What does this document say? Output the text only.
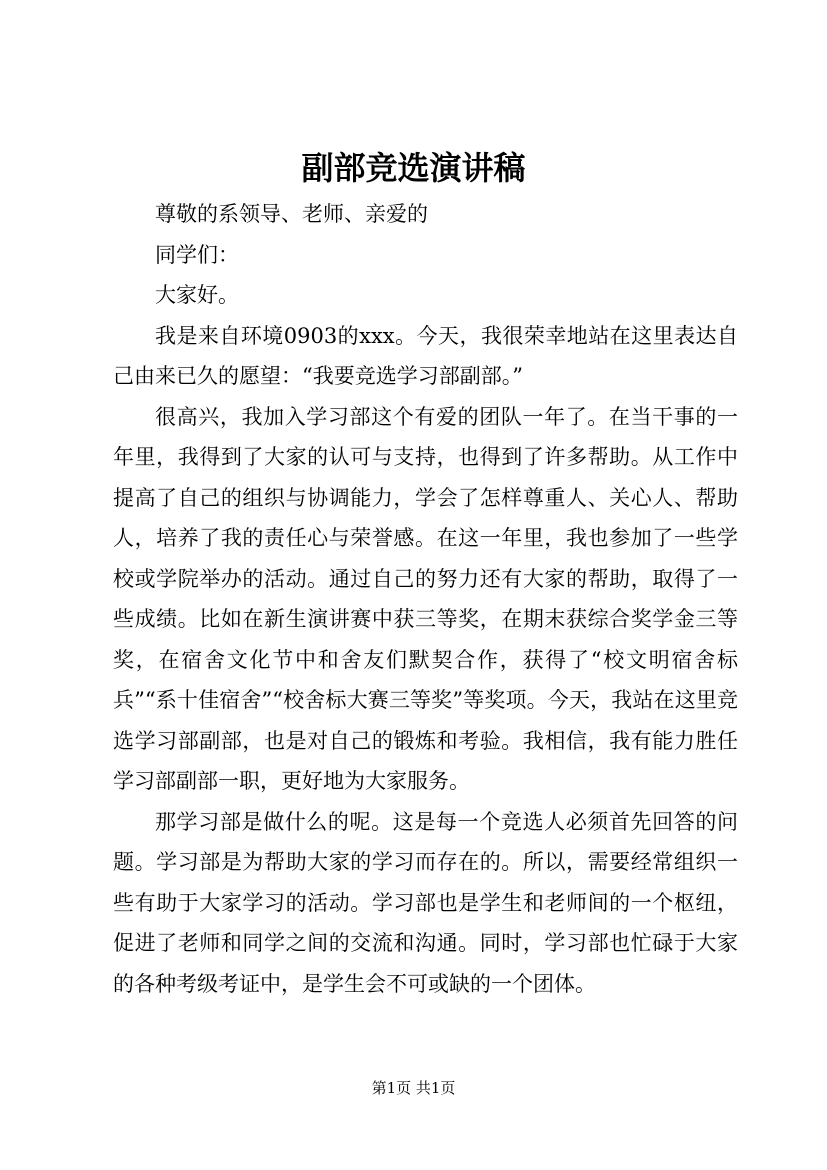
副部竞选演讲稿

尊敬的系领导、老师、亲爱的

同学们：

大家好。

我是来自环境0903的xxx。今天，我很荣幸地站在这里表达自己由来已久的愿望：“我要竞选学习部副部。”

很高兴，我加入学习部这个有爱的团队一年了。在当干事的一年里，我得到了大家的认可与支持，也得到了许多帮助。从工作中提高了自己的组织与协调能力，学会了怎样尊重人、关心人、帮助人，培养了我的责任心与荣誉感。在这一年里，我也参加了一些学校或学院举办的活动。通过自己的努力还有大家的帮助，取得了一些成绩。比如在新生演讲赛中获三等奖，在期末获综合奖学金三等奖，在宿舍文化节中和舍友们默契合作，获得了“校文明宿舍标兵”“系十佳宿舍”“校舍标大赛三等奖”等奖项。今天，我站在这里竞选学习部副部，也是对自己的锻炼和考验。我相信，我有能力胜任学习部副部一职，更好地为大家服务。

那学习部是做什么的呢。这是每一个竞选人必须首先回答的问题。学习部是为帮助大家的学习而存在的。所以，需要经常组织一些有助于大家学习的活动。学习部也是学生和老师间的一个枢纽，促进了老师和同学之间的交流和沟通。同时，学习部也忙碌于大家的各种考级考证中，是学生会不可或缺的一个团体。

第1页 共1页
